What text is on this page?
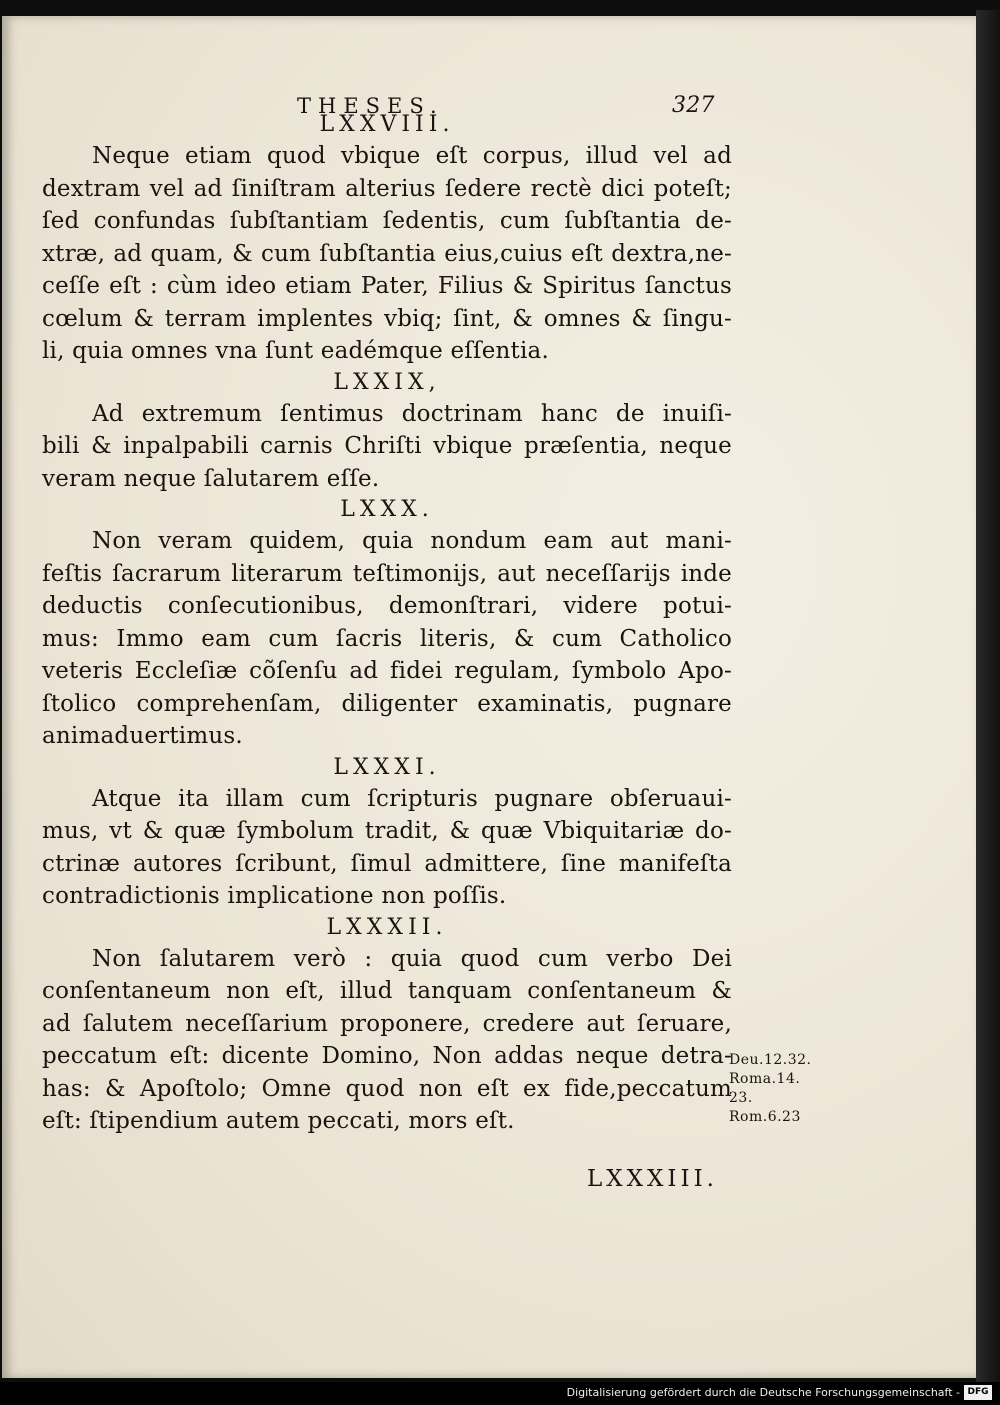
THESES.	327
LXXVIII.
Neque etiam quod vbique eſt corpus, illud vel ad
dextram vel ad ſiniſtram alterius ſedere rectè dici poteſt;
ſed confundas ſubſtantiam ſedentis, cum ſubſtantia de-
xtræ, ad quam, & cum ſubſtantia eius,cuius eſt dextra,ne-
ceſſe eſt : cùm ideo etiam Pater, Filius & Spiritus ſanctus
cœlum & terram implentes vbiq; ſint, & omnes & ſingu-
li, quia omnes vna ſunt eadémque eſſentia.
LXXIX,
Ad extremum ſentimus doctrinam hanc de inuiſi-
bili & inpalpabili carnis Chriſti vbique præſentia, neque
veram neque ſalutarem eſſe.
LXXX.
Non veram quidem, quia nondum eam aut mani-
feſtis ſacrarum literarum teſtimonijs, aut neceſſarijs inde
deductis conſecutionibus, demonſtrari, videre potui-
mus: Immo eam cum ſacris literis, & cum Catholico
veteris Eccleſiæ cõſenſu ad fidei regulam, ſymbolo Apo-
ſtolico comprehenſam, diligenter examinatis, pugnare
animaduertimus.
LXXXI.
Atque ita illam cum ſcripturis pugnare obſeruaui-
mus, vt & quæ ſymbolum tradit, & quæ Vbiquitariæ do-
ctrinæ autores ſcribunt, ſimul admittere, ſine manifeſta
contradictionis implicatione non poſſis.
LXXXII.
Non ſalutarem verò : quia quod cum verbo Dei
conſentaneum non eſt, illud tanquam conſentaneum &
ad ſalutem neceſſarium proponere, credere aut ſeruare,
peccatum eſt: dicente Domino, Non addas neque detra-
has: & Apoſtolo; Omne quod non eſt ex fide,peccatum
eſt: ſtipendium autem peccati, mors eſt.
Deu.12.32.
Roma.14.
23.
Rom.6.23
LXXXIII.
Digitalisierung gefördert durch die Deutsche Forschungsgemeinschaft - DFG
